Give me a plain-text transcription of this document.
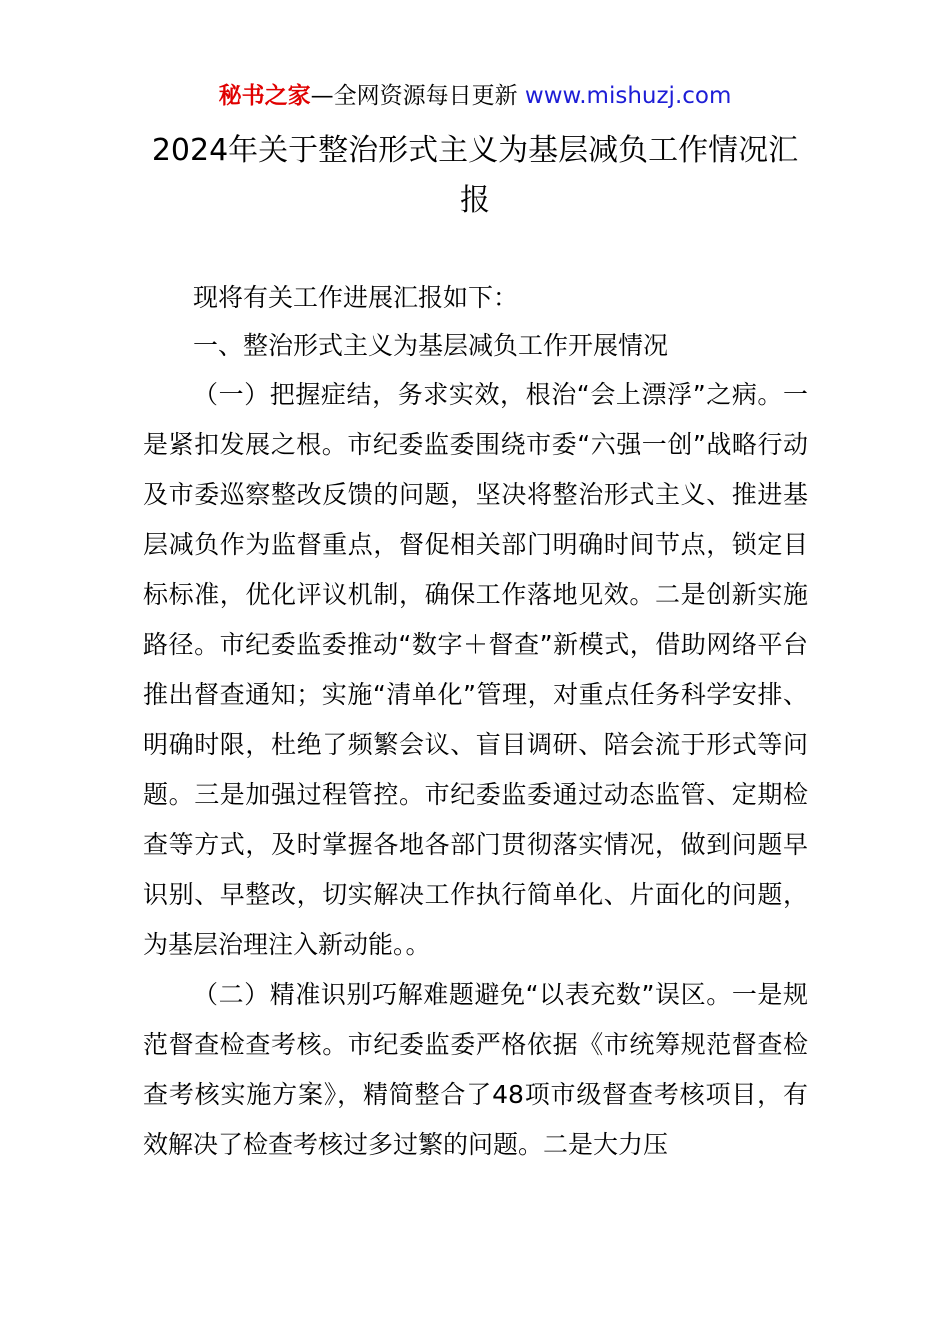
秘书之家—全网资源每日更新 www.mishuzj.com
2024年关于整治形式主义为基层减负工作情况汇报

现将有关工作进展汇报如下：

一、整治形式主义为基层减负工作开展情况

（一）把握症结，务求实效，根治“会上漂浮”之病。一是紧扣发展之根。市纪委监委围绕市委“六强一创”战略行动及市委巡察整改反馈的问题，坚决将整治形式主义、推进基层减负作为监督重点，督促相关部门明确时间节点，锁定目标标准，优化评议机制，确保工作落地见效。二是创新实施路径。市纪委监委推动“数字＋督查”新模式，借助网络平台推出督查通知；实施“清单化”管理，对重点任务科学安排、明确时限，杜绝了频繁会议、盲目调研、陪会流于形式等问题。三是加强过程管控。市纪委监委通过动态监管、定期检查等方式，及时掌握各地各部门贯彻落实情况，做到问题早识别、早整改，切实解决工作执行简单化、片面化的问题，为基层治理注入新动能。。

（二）精准识别巧解难题避免“以表充数”误区。一是规范督查检查考核。市纪委监委严格依据《市统筹规范督查检查考核实施方案》，精简整合了48项市级督查考核项目，有效解决了检查考核过多过繁的问题。二是大力压
